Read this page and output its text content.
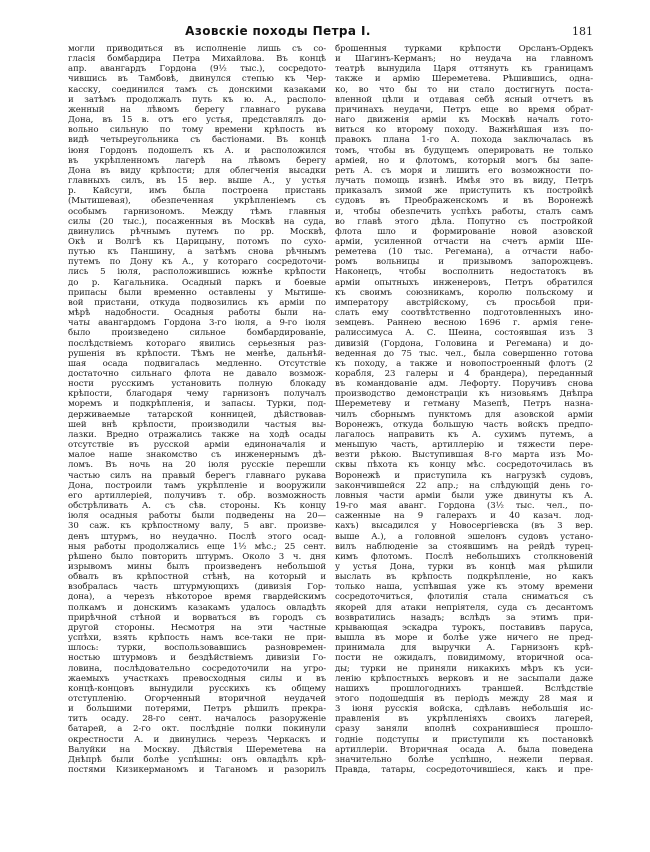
Азовскіе походы Петра I.	181
могли приводиться въ исполненіе лишь съ со-
гласія бомбардира Петра Михайлова. Въ концѣ
апр. авангардъ Гордона (9½ тыс.), сосредото-
чившись въ Тамбовѣ, двинулся степью къ Чер-
касску, соединился тамъ съ донскими казаками
и затѣмъ продолжалъ путь къ ю. А., располо-
женный на лѣвомъ берегу главнаго рукава
Дона, въ 15 в. отъ его устья, представлялъ до-
вольно сильную по тому времени крѣпость въ
видѣ четыреугольника съ бастіонами. Въ концѣ
іюня Гордонъ подошелъ къ А. и расположился
въ укрѣпленномъ лагерѣ на лѣвомъ берегу
Дона въ виду крѣпости; для облегченія высадки
главныхъ силъ, въ 15 вер. выше А., у устья
р. Кайсуги, имъ была построена пристань
(Мытишевая), обезпеченная укрѣпленіемъ съ
особымъ гарнизономъ. Между тѣмъ главныя
силы (20 тыс.), посаженныя въ Москвѣ на суда,
двинулись рѣчнымъ путемъ по рр. Москвѣ,
Окѣ и Волгѣ къ Царицыну, потомъ по сухо-
путью къ Паншину, а затѣмъ снова рѣчнымъ
путемъ по Дону къ А., у котораго сосредоточи-
лись 5 іюля, расположившись южнѣе крѣпости
до р. Кагальника. Осадный паркъ и боевые
припасы были временно оставлены у Мытише-
вой пристани, откуда подвозились къ арміи по
мѣрѣ надобности. Осадныя работы были на-
чаты авангардомъ Гордона 3-го іюля, а 9-го іюля
было произведено сильное бомбардированіе,
послѣдствіемъ котораго явились серьезныя раз-
рушенія въ крѣпости. Тѣмъ не менѣе, дальнѣй-
шая осада подвигалась медленно. Отсутствіе
достаточно сильнаго флота не давало возмож-
ности русскимъ установить полную блокаду
крѣпости, благодаря чему гарнизонъ получалъ
моремъ и подкрѣпленія, и запасы. Турки, под-
держиваемые татарской конницей, дѣйствовав-
шей внѣ крѣпости, производили частыя вы-
лазки. Вредно отражались также на ходѣ осады
отсутствіе въ русской арміи единоначалія и
малое наше знакомство съ инженернымъ дѣ-
ломъ. Въ ночь на 20 іюля русскіе перешли
частью силъ на правый берегъ главнаго рукава
Дона, построили тамъ укрѣпленіе и вооружили
его артиллеріей, получивъ т. обр. возможность
обстрѣливать А. съ сѣв. стороны. Къ концу
іюля осадныя работы были подведены на 20—
30 саж. къ крѣпостному валу, 5 авг. произве-
денъ штурмъ, но неудачно. Послѣ этого осад-
ныя работы продолжались еще 1½ мѣс.; 25 сент.
рѣшено было повторить штурмъ. Около 3 ч. дня
изрывомъ мины былъ произведенъ небольшой
обвалъ въ крѣпостной стѣнѣ, на который и
взобралась часть штурмующихъ (дивизія Гор-
дона), а черезъ нѣкоторое время гвардейскимъ
полкамъ и донскимъ казакамъ удалось овладѣть
прирѣчной стѣной и ворваться въ городъ съ
другой стороны. Несмотря на эти частные
успѣхи, взять крѣпость намъ все-таки не при-
шлось: турки, воспользовавшись разновремен-
ностью штурмовъ и бездѣйствіемъ дивизіи Го-
ловина, послѣдовательно сосредоточили на угро-
жаемыхъ участкахъ превосходныя силы и въ
концѣ-концовъ вынудили русскихъ къ общему
отступленію. Огорченный вторичной неудачей
и большими потерями, Петръ рѣшилъ прекра-
тить осаду. 28-го сент. началось разоруженіе
батарей, а 2-го окт. послѣдніе полки покинули
окрестности А. и двинулись черезъ Черкаскъ и
Валуйки на Москву. Дѣйствія Шереметева на
Днѣпрѣ были болѣе успѣшны: онъ овладѣлъ крѣ-
постями Кизикерманомъ и Таганомъ и разорилъ
брошенныя турками крѣпости Орсланъ-Ордекъ
и Шагинъ-Керманъ; но неудача на главномъ
театрѣ вынудила Царя оттянуть къ границамъ
также и армію Шереметева. Рѣшившись, одна-
ко, во что бы то ни стало достигнуть поста-
вленной цѣли и отдавая себѣ ясный отчетъ въ
причинахъ неудачи, Петръ еще во время обрат-
наго движенія арміи къ Москвѣ началъ гото-
виться ко второму походу. Важнѣйшая изъ по-
правокъ плана 1-го А. похода заключалась въ
томъ, чтобы въ будущемъ оперировать не только
арміей, но и флотомъ, который могъ бы запе-
реть А. съ моря и лишить его возможности по-
лучать помощь извнѣ. Имѣя это въ виду, Петръ
приказалъ зимой же приступить къ постройкѣ
судовъ въ Преображенскомъ и въ Воронежѣ
и, чтобы обезпечить успѣхъ работы, сталъ самъ
во главѣ этого дѣла. Попутно съ постройкой
флота шло и формированіе новой азовской
арміи, усиленной отчасти на счетъ арміи Ше-
реметева (10 тыс. Регемана), а отчасти набо-
ромъ вольницы и призывомъ запорожцевъ.
Наконецъ, чтобы восполнить недостатокъ въ
арміи опытныхъ инженеровъ, Петръ обратился
къ своимъ союзникамъ, королю польскому и
императору австрійскому, съ просьбой при-
слать ему соотвѣтственно подготовленныхъ ино-
земцевъ. Раннею весною 1696 г. армія гене-
ралиссимуса А. С. Шеина, состоявшая изъ 3
дивизій (Гордона, Головина и Регемана) и до-
веденная до 75 тыс. чел., была совершенно готова
къ походу, а также и новопостроенный флотъ (2
корабля, 23 галеры и 4 брандера), переданный
въ командованіе адм. Лефорту. Поручивъ снова
производство демонстраціи къ низовьямъ Днѣпра
Шереметеву и гетману Мазепѣ, Петръ назна-
чилъ сборнымъ пунктомъ для азовской арміи
Воронежъ, откуда большую часть войскъ предпо-
лагалось направить къ А. сухимъ путемъ, а
меньшую часть, артиллерію и тяжести пере-
везти рѣкою. Выступившая 8-го марта изъ Мо-
сквы пѣхота къ концу мѣс. сосредоточилась въ
Воронежѣ и приступила къ нагрузкѣ судовъ,
закончившейся 22 апр.; на слѣдующій день го-
ловныя части арміи были уже двинуты къ А.
19-го мая аванг. Гордона (3½ тыс. чел., по-
саженные на 9 галерахъ и 40 казач. лод-
кахъ) высадился у Новосергіевска (въ 3 вер.
выше А.), а головной эшелонъ судовъ устано-
вилъ наблюденіе за стоявшимъ на рейдѣ турец-
кимъ флотомъ. Послѣ небольшихъ столкновеній
у устья Дона, турки въ концѣ мая рѣшили
выслать въ крѣпость подкрѣпленіе, но какъ
только наша, успѣвшая уже къ этому времени
сосредоточиться, флотилія стала сниматься съ
якорей для атаки непріятеля, суда съ десантомъ
возвратились назадъ; вслѣдъ за этимъ при-
крывающая эскадра турокъ, поставивъ паруса,
вышла въ море и болѣе уже ничего не пред-
принимала для выручки А. Гарнизонъ крѣ-
пости не ожидалъ, повидимому, вторичной оса-
ды; турки не приняли никакихъ мѣръ къ уси-
ленію крѣпостныхъ верковъ и не засыпали даже
нашихъ прошлогоднихъ траншей. Вслѣдствіе
этого подошедшія въ періодъ между 28 мая и
3 іюня русскія войска, сдѣлавъ небольшія ис-
правленія въ укрѣпленіяхъ своихъ лагерей,
сразу заняли вполнѣ сохранившіеся прошло-
годніе подступы и приступили къ постановкѣ
артиллеріи. Вторичная осада А. была поведена
значительно болѣе успѣшно, нежели первая.
Правда, татары, сосредоточившіеся, какъ и пре-
